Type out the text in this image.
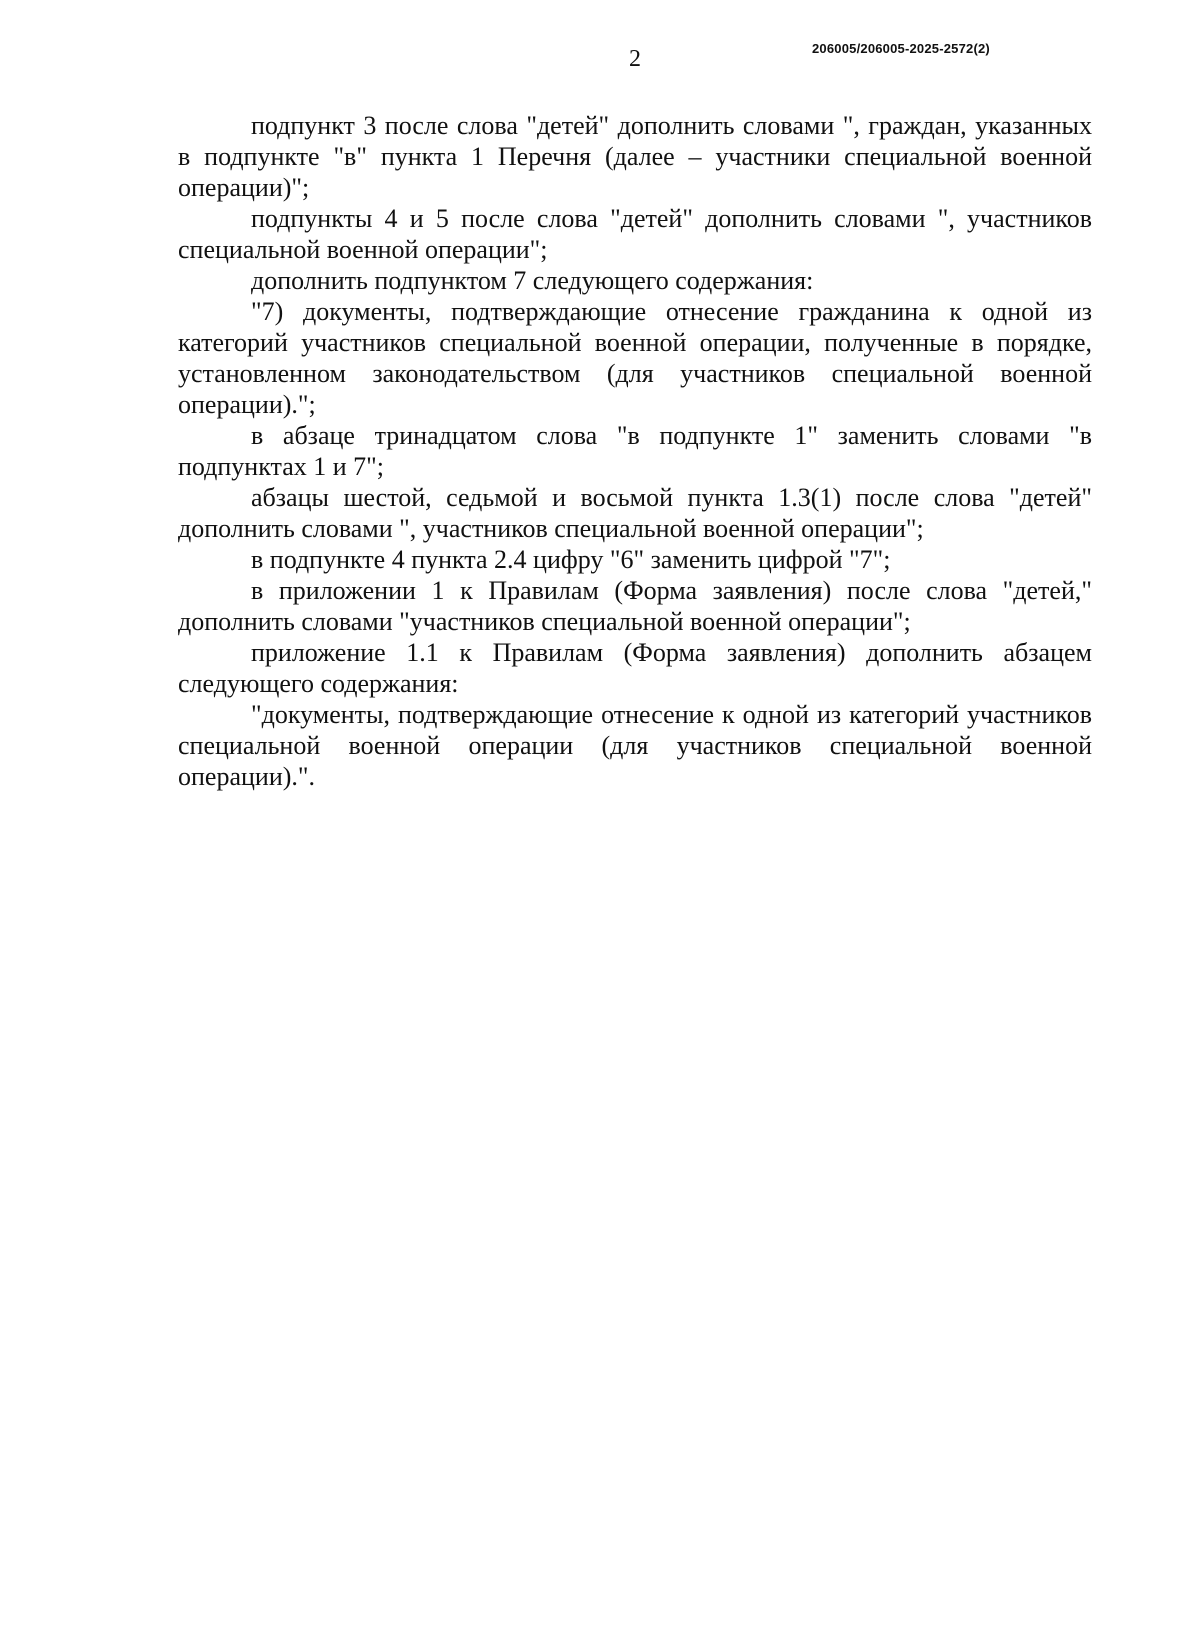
2	206005/206005-2025-2572(2)

подпункт 3 после слова "детей" дополнить словами ", граждан, указанных в подпункте "в" пункта 1 Перечня (далее – участники специальной военной операции)";

подпункты 4 и 5 после слова "детей" дополнить словами ", участников специальной военной операции";

дополнить подпунктом 7 следующего содержания:

"7) документы, подтверждающие отнесение гражданина к одной из категорий участников специальной военной операции, полученные в порядке, установленном законодательством (для участников специальной военной операции).";

в абзаце тринадцатом слова "в подпункте 1" заменить словами "в подпунктах 1 и 7";

абзацы шестой, седьмой и восьмой пункта 1.3(1) после слова "детей" дополнить словами ", участников специальной военной операции";

в подпункте 4 пункта 2.4 цифру "6" заменить цифрой "7";

в приложении 1 к Правилам (Форма заявления) после слова "детей," дополнить словами "участников специальной военной операции";

приложение 1.1 к Правилам (Форма заявления) дополнить абзацем следующего содержания:

"документы, подтверждающие отнесение к одной из категорий участников специальной военной операции (для участников специальной военной операции).".
